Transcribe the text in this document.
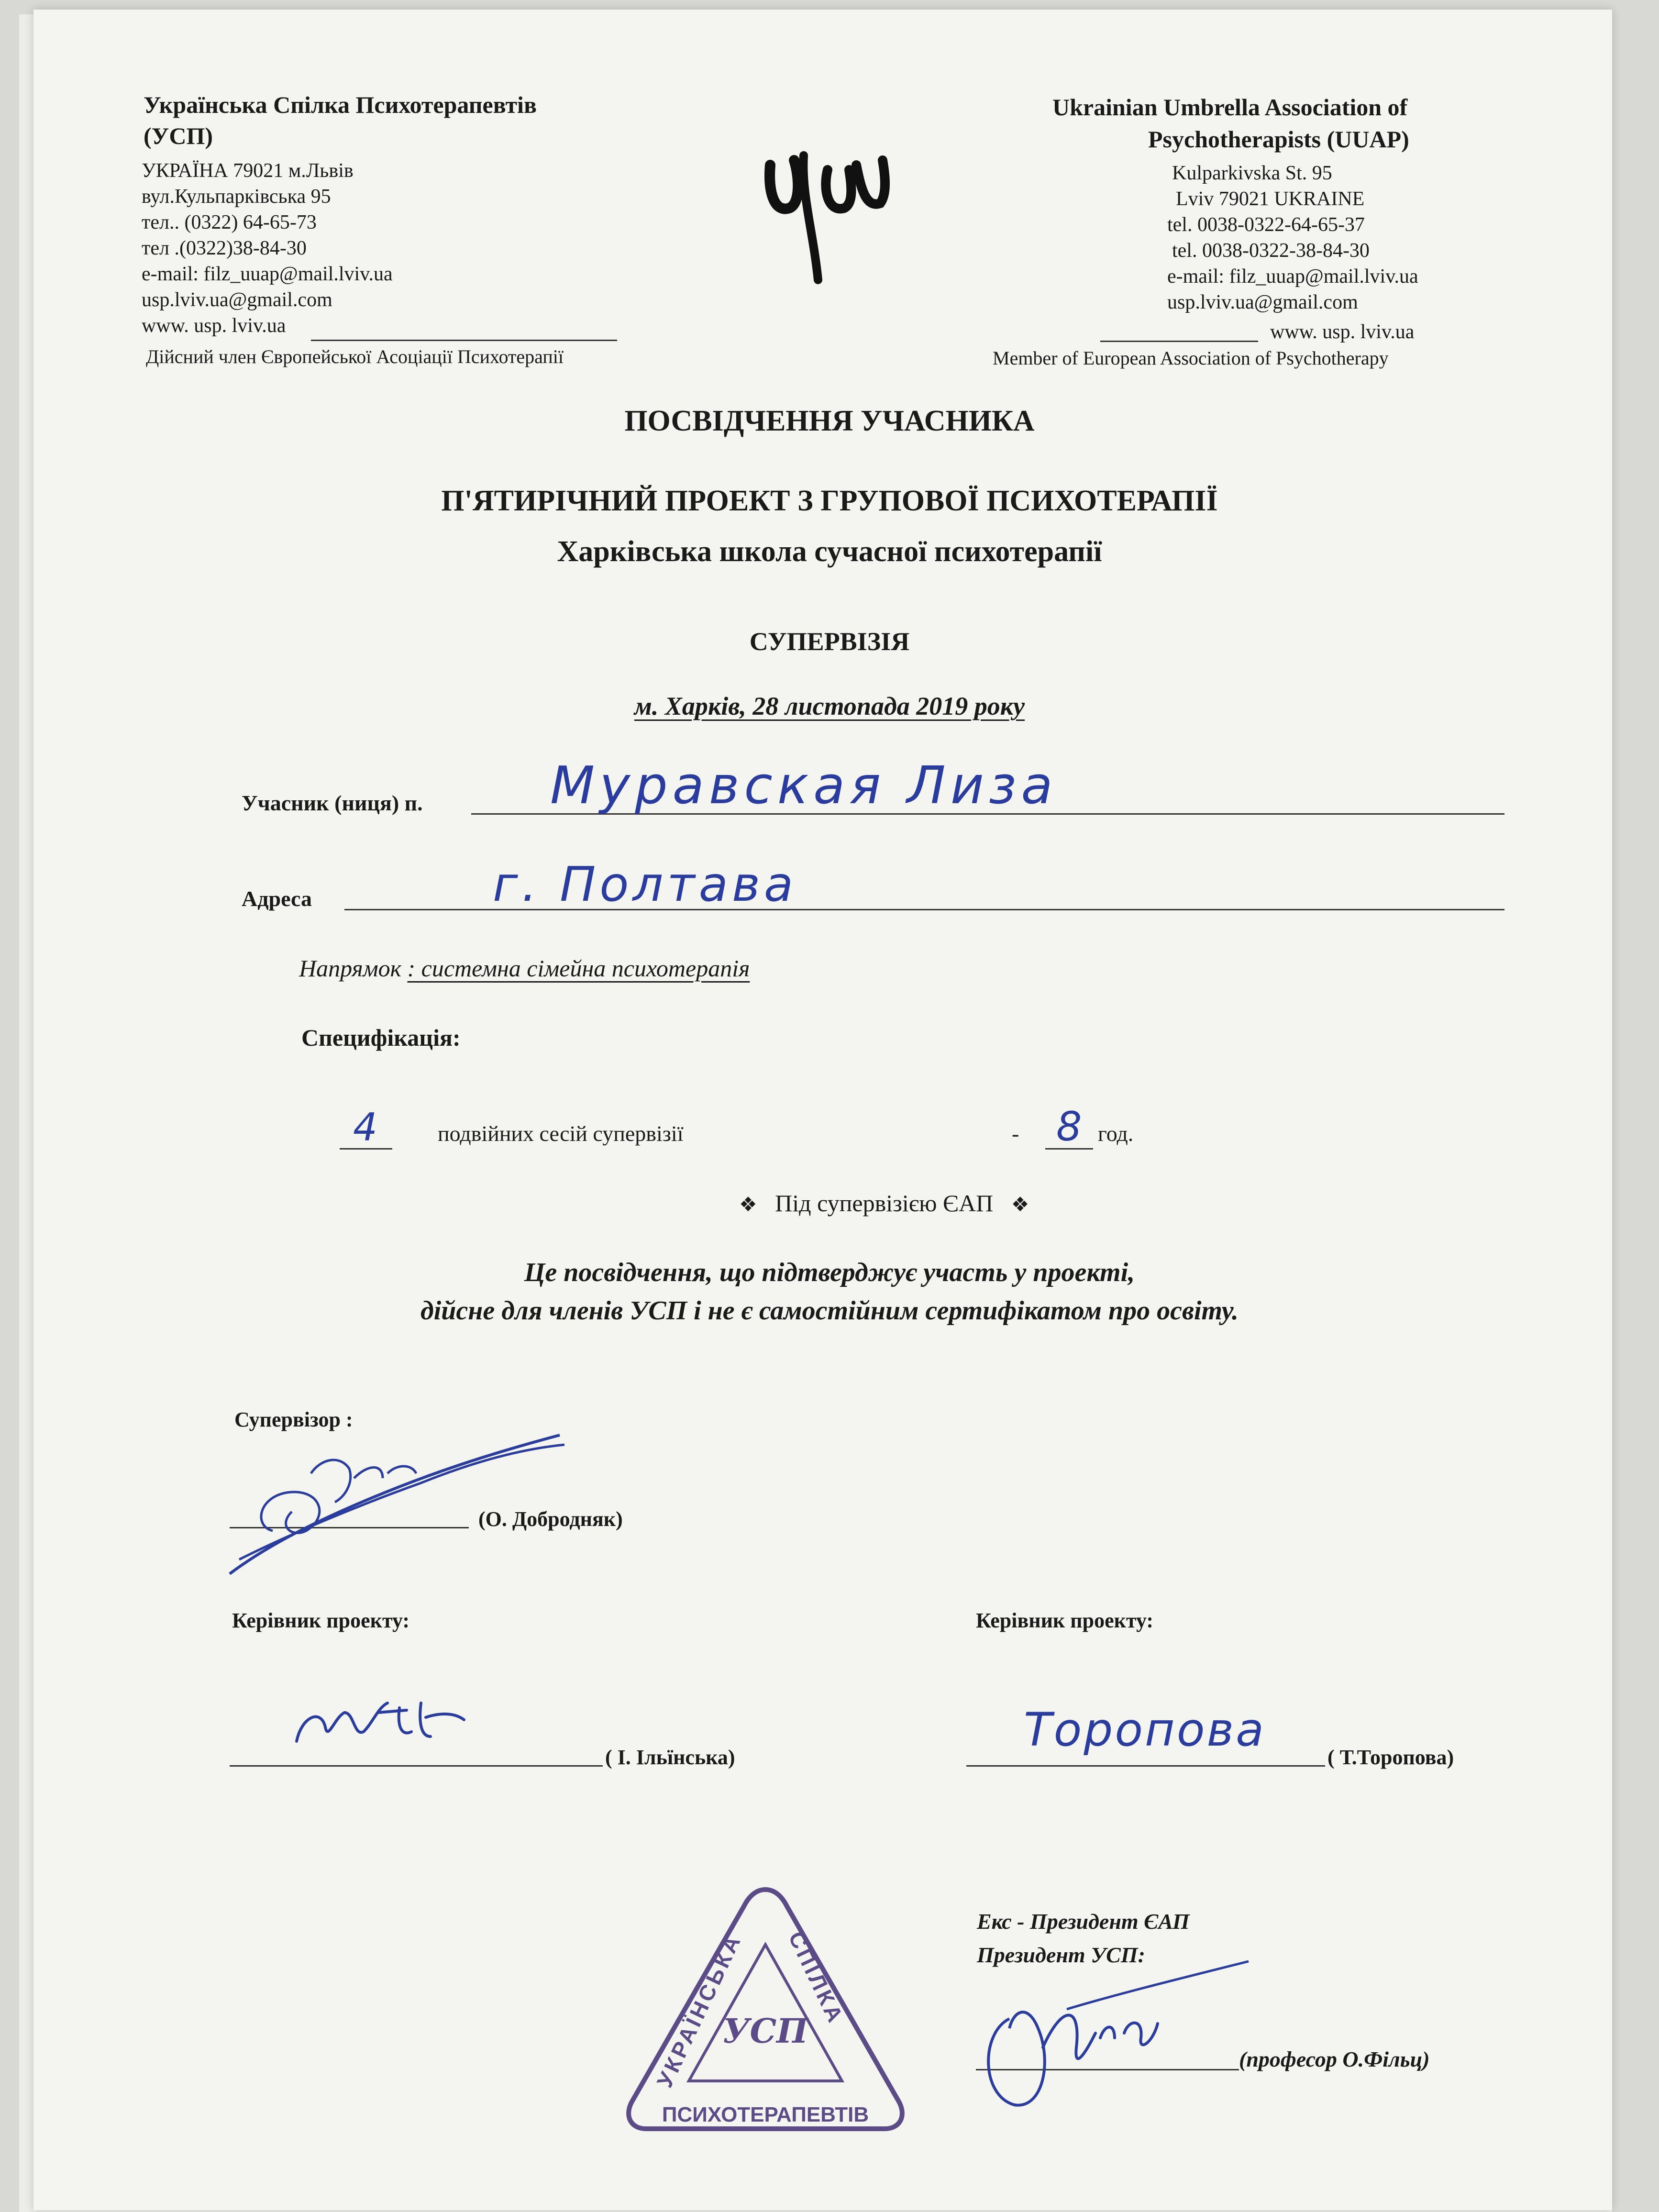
Українська Спілка Психотерапевтів
(УСП)
УКРАЇНА 79021 м.Львів
вул.Кульпарківська 95
тел.. (0322) 64-65-73
тел .(0322)38-84-30
e-mail: filz_uuap@mail.lviv.ua
usp.lviv.ua@gmail.com
www. usp. lviv.ua
Дійсний член Європейської Асоціації Психотерапії
Ukrainian Umbrella Association of
Psychotherapists (UUAP)
Kulparkivska St. 95
Lviv 79021 UKRAINE
tel. 0038-0322-64-65-37
tel. 0038-0322-38-84-30
e-mail: filz_uuap@mail.lviv.ua
usp.lviv.ua@gmail.com
www. usp. lviv.ua
Member of European Association of Psychotherapy
ПОСВІДЧЕННЯ УЧАСНИКА
П'ЯТИРІЧНИЙ ПРОЕКТ З ГРУПОВОЇ ПСИХОТЕРАПІЇ
Харківська школа сучасної психотерапії
СУПЕРВІЗІЯ
м. Харків, 28 листопада 2019 року
Учасник (ниця) п. Муравская Лиза
Адреса	г. Полтава
Напрямок : системна сімейна психотерапія
Специфікація:
4	подвійних сесій супервізії	- 8 год.
❖ Під супервізією ЄАП ❖
Це посвідчення, що підтверджує участь у проекті,
дійсне для членів УСП і не є самостійним сертифікатом про освіту.
Супервізор :
(О. Добродняк)
Керівник проекту:
( І. Ільїнська)
Керівник проекту:
( Т.Торопова)
Торопова
УКРАЇНСЬКА СПІЛКА
ПСИХОТЕРАПЕВТІВ
УСП
Екс - Президент ЄАП
Президент УСП:
(професор О.Фільц)
